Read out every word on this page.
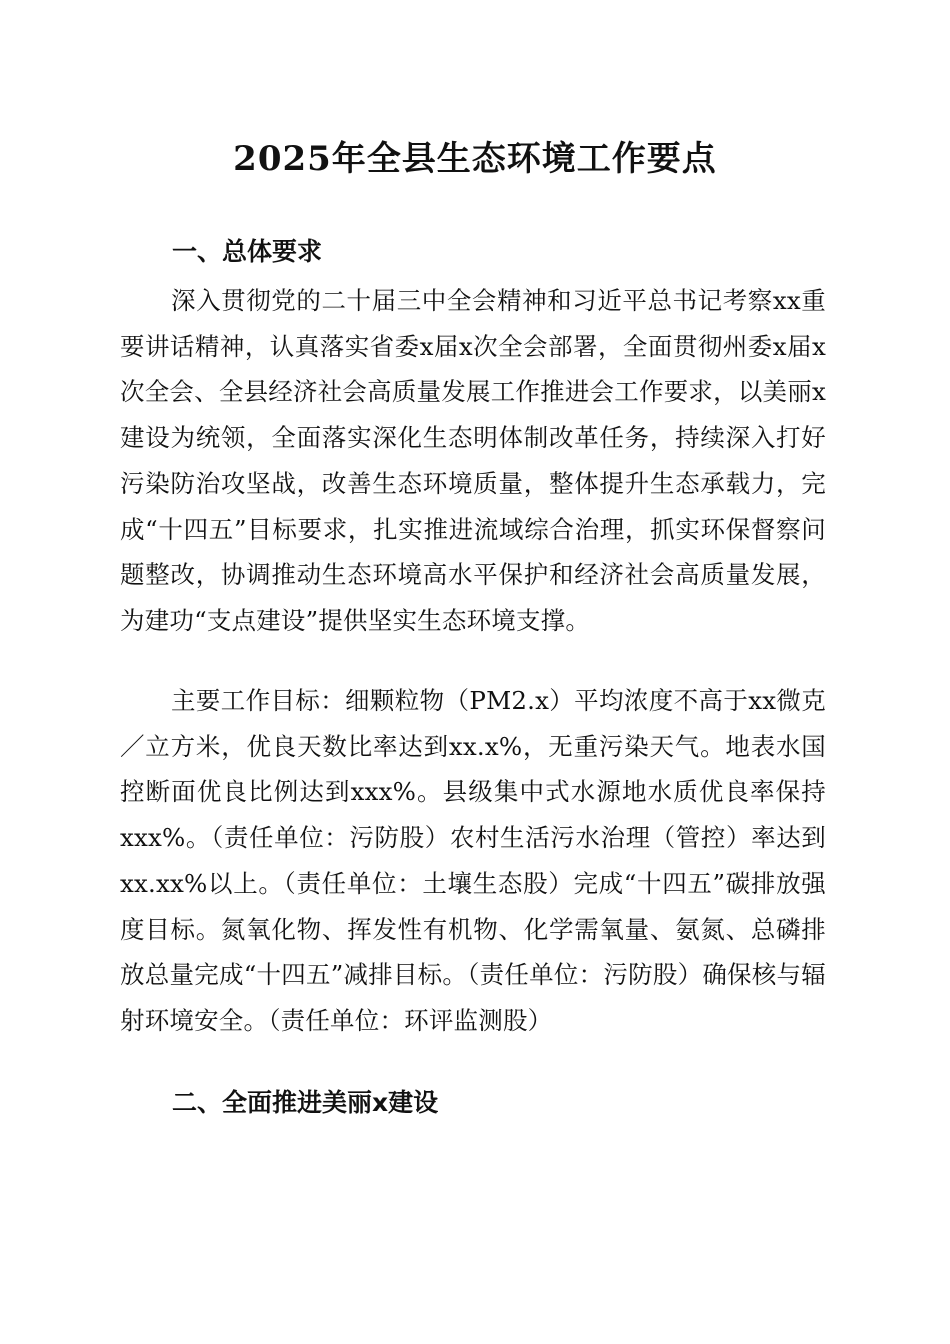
2025年全县生态环境工作要点
一、总体要求

深入贯彻党的二十届三中全会精神和习近平总书记考察xx重要讲话精神，认真落实省委x届x次全会部署，全面贯彻州委x届x次全会、全县经济社会高质量发展工作推进会工作要求，以美丽x建设为统领，全面落实深化生态明体制改革任务，持续深入打好污染防治攻坚战，改善生态环境质量，整体提升生态承载力，完成“十四五”目标要求，扎实推进流域综合治理，抓实环保督察问题整改，协调推动生态环境高水平保护和经济社会高质量发展，为建功“支点建设”提供坚实生态环境支撑。

主要工作目标：细颗粒物（PM2.x）平均浓度不高于xx微克／立方米，优良天数比率达到xx.x%，无重污染天气。地表水国控断面优良比例达到xxx%。县级集中式水源地水质优良率保持xxx%。（责任单位：污防股）农村生活污水治理（管控）率达到xx.xx%以上。（责任单位：土壤生态股）完成“十四五”碳排放强度目标。氮氧化物、挥发性有机物、化学需氧量、氨氮、总磷排放总量完成“十四五”减排目标。（责任单位：污防股）确保核与辐射环境安全。（责任单位：环评监测股）

二、全面推进美丽x建设
